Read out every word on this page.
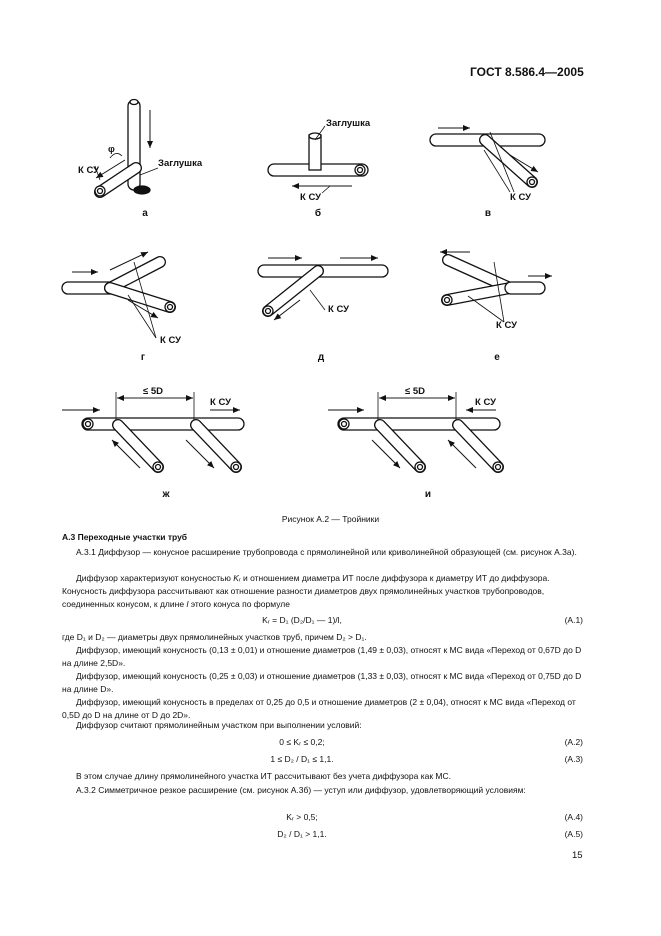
ГОСТ 8.586.4—2005
К СУ
φ
Заглушка
Заглушка
К СУ	К СУ
К СУ
К СУ
К СУ
К СУ	К СУ
≤ 5D	≤ 5D
а	б	в
г	д	е
ж	и
Рисунок А.2 — Тройники
А.3 Переходные участки труб
А.3.1 Диффузор — конусное расширение трубопровода с прямолинейной или криволинейной образующей (см. рисунок А.3а).
Диффузор характеризуют конусностью Kᵣ и отношением диаметра ИТ после диффузора к диаметру ИТ до диффузора. Конусность диффузора рассчитывают как отношение разности диаметров двух прямолинейных участков трубопроводов, соединенных конусом, к длине l этого конуса по формуле
Kᵣ = D₁ (D₂/D₁ — 1)/l,	(А.1)
где D₁ и D₂ — диаметры двух прямолинейных участков труб, причем D₂ > D₁.
Диффузор, имеющий конусность (0,13 ± 0,01) и отношение диаметров (1,49 ± 0,03), относят к МС вида «Переход от 0,67D до D на длине 2,5D».
Диффузор, имеющий конусность (0,25 ± 0,03) и отношение диаметров (1,33 ± 0,03), относят к МС вида «Переход от 0,75D до D на длине D».
Диффузор, имеющий конусность в пределах от 0,25 до 0,5 и отношение диаметров (2 ± 0,04), относят к МС вида «Переход от 0,5D до D на длине от D до 2D».
Диффузор считают прямолинейным участком при выполнении условий:
0 ≤ Kᵣ ≤ 0,2;	(А.2)
1 ≤ D₂ / D₁ ≤ 1,1.	(А.3)
В этом случае длину прямолинейного участка ИТ рассчитывают без учета диффузора как МС.
А.3.2 Симметричное резкое расширение (см. рисунок А.3б) — уступ или диффузор, удовлетворяющий условиям:
Kᵣ > 0,5;	(А.4)
D₂ / D₁ > 1,1.	(А.5)
15
